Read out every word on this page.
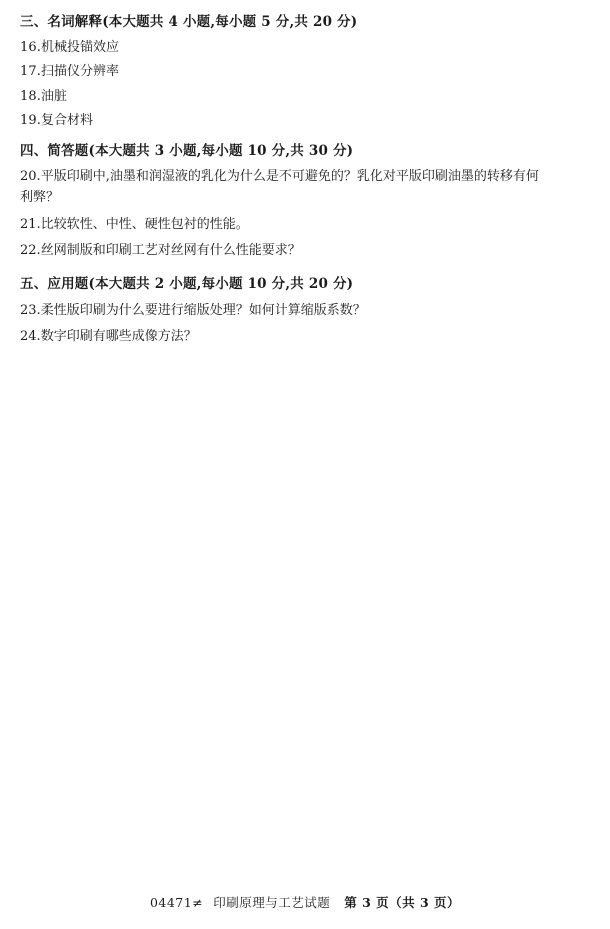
三、名词解释(本大题共 4 小题,每小题 5 分,共 20 分)
16.机械投锚效应
17.扫描仪分辨率
18.油脏
19.复合材料
四、简答题(本大题共 3 小题,每小题 10 分,共 30 分)
20.平版印刷中,油墨和润湿液的乳化为什么是不可避免的？乳化对平版印刷油墨的转移有何
利弊？
21.比较软性、中性、硬性包衬的性能。
22.丝网制版和印刷工艺对丝网有什么性能要求？
五、应用题(本大题共 2 小题,每小题 10 分,共 20 分)
23.柔性版印刷为什么要进行缩版处理？如何计算缩版系数？
24.数字印刷有哪些成像方法？
04471≠ 印刷原理与工艺试题 第 3 页（共 3 页）
